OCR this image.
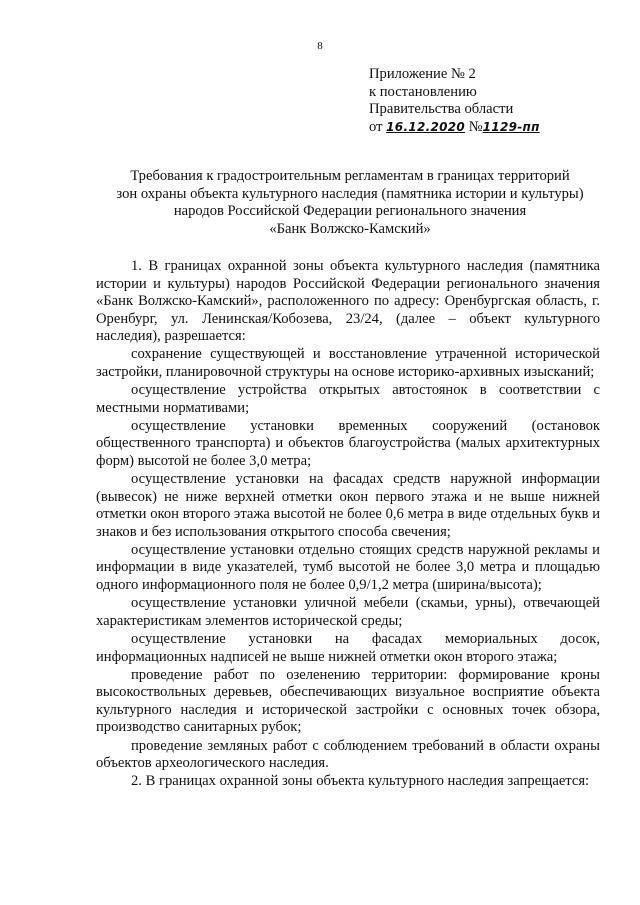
8
Приложение № 2
к постановлению
Правительства области
от 16.12.2020 №1129-пп
Требования к градостроительным регламентам в границах территорий
зон охраны объекта культурного наследия (памятника истории и культуры)
народов Российской Федерации регионального значения
«Банк Волжско-Камский»

1. В границах охранной зоны объекта культурного наследия (памятника истории и культуры) народов Российской Федерации регионального значения «Банк Волжско-Камский», расположенного по адресу: Оренбургская область, г. Оренбург, ул. Ленинская/Кобозева, 23/24, (далее – объект культурного наследия), разрешается:

сохранение существующей и восстановление утраченной исторической застройки, планировочной структуры на основе историко-архивных изысканий;

осуществление устройства открытых автостоянок в соответствии с местными нормативами;

осуществление установки временных сооружений (остановок общественного транспорта) и объектов благоустройства (малых архитектурных форм) высотой не более 3,0 метра;

осуществление установки на фасадах средств наружной информации (вывесок) не ниже верхней отметки окон первого этажа и не выше нижней отметки окон второго этажа высотой не более 0,6 метра в виде отдельных букв и знаков и без использования открытого способа свечения;

осуществление установки отдельно стоящих средств наружной рекламы и информации в виде указателей, тумб высотой не более 3,0 метра и площадью одного информационного поля не более 0,9/1,2 метра (ширина/высота);

осуществление установки уличной мебели (скамьи, урны), отвечающей характеристикам элементов исторической среды;

осуществление установки на фасадах мемориальных досок, информационных надписей не выше нижней отметки окон второго этажа;

проведение работ по озеленению территории: формирование кроны высокоствольных деревьев, обеспечивающих визуальное восприятие объекта культурного наследия и исторической застройки с основных точек обзора, производство санитарных рубок;

проведение земляных работ с соблюдением требований в области охраны объектов археологического наследия.

2. В границах охранной зоны объекта культурного наследия запрещается:
